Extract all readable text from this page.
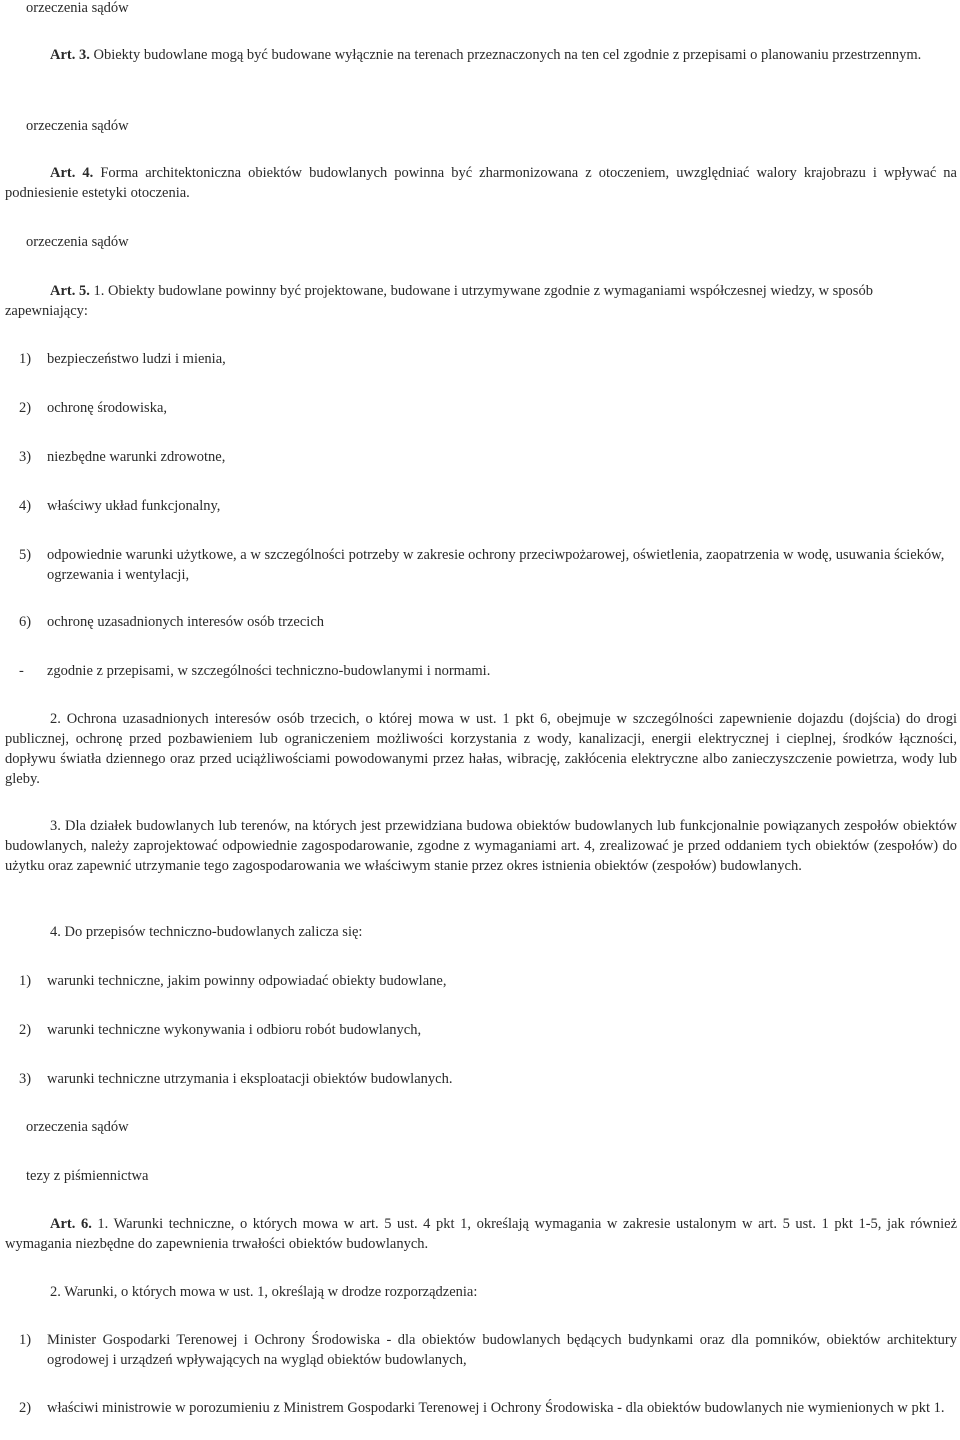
orzeczenia sądów

Art. 3. Obiekty budowlane mogą być budowane wyłącznie na terenach przeznaczonych na ten cel zgodnie z przepisami o planowaniu przestrzennym.

orzeczenia sądów

Art. 4. Forma architektoniczna obiektów budowlanych powinna być zharmonizowana z otoczeniem, uwzględniać walory krajobrazu i wpływać na podniesienie estetyki otoczenia.

orzeczenia sądów

Art. 5. 1. Obiekty budowlane powinny być projektowane, budowane i utrzymywane zgodnie z wymaganiami współczesnej wiedzy, w sposób zapewniający:

1) bezpieczeństwo ludzi i mienia,
2) ochronę środowiska,
3) niezbędne warunki zdrowotne,
4) właściwy układ funkcjonalny,
5) odpowiednie warunki użytkowe, a w szczególności potrzeby w zakresie ochrony przeciwpożarowej, oświetlenia, zaopatrzenia w wodę, usuwania ścieków, ogrzewania i wentylacji,
6) ochronę uzasadnionych interesów osób trzecich
- zgodnie z przepisami, w szczególności techniczno-budowlanymi i normami.

2. Ochrona uzasadnionych interesów osób trzecich, o której mowa w ust. 1 pkt 6, obejmuje w szczególności zapewnienie dojazdu (dojścia) do drogi publicznej, ochronę przed pozbawieniem lub ograniczeniem możliwości korzystania z wody, kanalizacji, energii elektrycznej i cieplnej, środków łączności, dopływu światła dziennego oraz przed uciążliwościami powodowanymi przez hałas, wibrację, zakłócenia elektryczne albo zanieczyszczenie powietrza, wody lub gleby.

3. Dla działek budowlanych lub terenów, na których jest przewidziana budowa obiektów budowlanych lub funkcjonalnie powiązanych zespołów obiektów budowlanych, należy zaprojektować odpowiednie zagospodarowanie, zgodne z wymaganiami art. 4, zrealizować je przed oddaniem tych obiektów (zespołów) do użytku oraz zapewnić utrzymanie tego zagospodarowania we właściwym stanie przez okres istnienia obiektów (zespołów) budowlanych.

4. Do przepisów techniczno-budowlanych zalicza się:

1) warunki techniczne, jakim powinny odpowiadać obiekty budowlane,
2) warunki techniczne wykonywania i odbioru robót budowlanych,
3) warunki techniczne utrzymania i eksploatacji obiektów budowlanych.
orzeczenia sądów
tezy z piśmiennictwa

Art. 6. 1. Warunki techniczne, o których mowa w art. 5 ust. 4 pkt 1, określają wymagania w zakresie ustalonym w art. 5 ust. 1 pkt 1-5, jak również wymagania niezbędne do zapewnienia trwałości obiektów budowlanych.

2. Warunki, o których mowa w ust. 1, określają w drodze rozporządzenia:

1) Minister Gospodarki Terenowej i Ochrony Środowiska - dla obiektów budowlanych będących budynkami oraz dla pomników, obiektów architektury ogrodowej i urządzeń wpływających na wygląd obiektów budowlanych,
2) właściwi ministrowie w porozumieniu z Ministrem Gospodarki Terenowej i Ochrony Środowiska - dla obiektów budowlanych nie wymienionych w pkt 1.
